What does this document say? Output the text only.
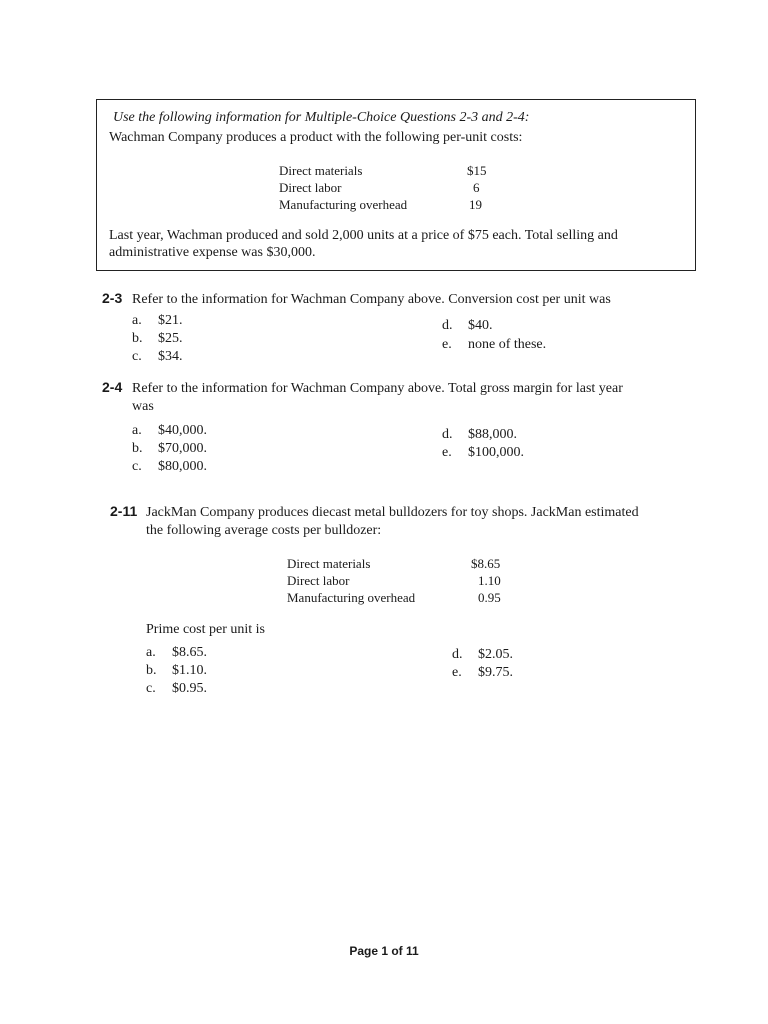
Use the following information for Multiple-Choice Questions 2-3 and 2-4:
Wachman Company produces a product with the following per-unit costs:
Direct materials	$15
Direct labor	6
Manufacturing overhead	19
Last year, Wachman produced and sold 2,000 units at a price of $75 each. Total selling and
administrative expense was $30,000.
2-3 Refer to the information for Wachman Company above. Conversion cost per unit was
a. $21.
b. $25.
c. $34.
d. $40.
e. none of these.
2-4 Refer to the information for Wachman Company above. Total gross margin for last year
was
a. $40,000.
b. $70,000.
c. $80,000.
d. $88,000.
e. $100,000.
2-11 JackMan Company produces diecast metal bulldozers for toy shops. JackMan estimated
the following average costs per bulldozer:
Direct materials	$8.65
Direct labor	1.10
Manufacturing overhead	0.95
Prime cost per unit is
a. $8.65.
b. $1.10.
c. $0.95.
d. $2.05.
e. $9.75.
Page 1 of 11
